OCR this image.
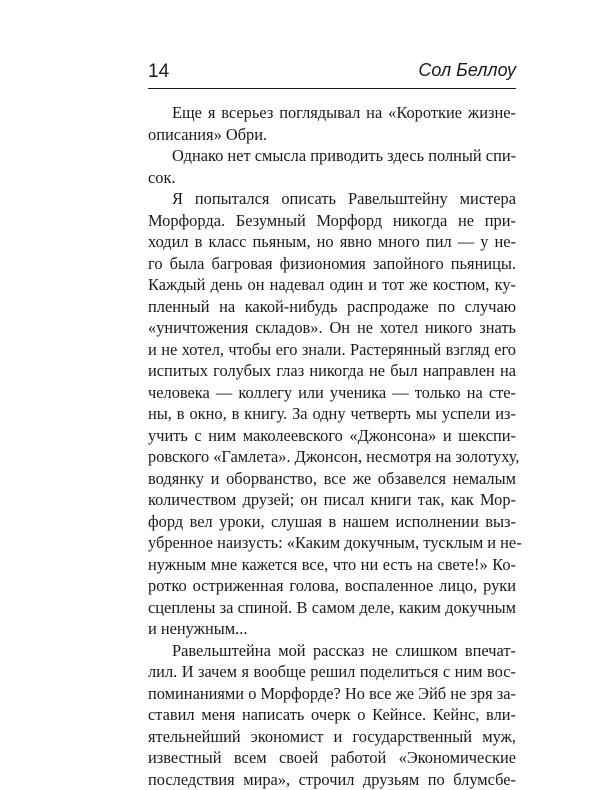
14	Сол Беллоу
Еще я всерьез поглядывал на «Короткие жизне-
описания» Обри.
Однако нет смысла приводить здесь полный спи-
сок.
Я попытался описать Равельштейну мистера
Морфорда. Безумный Морфорд никогда не при-
ходил в класс пьяным, но явно много пил — у не-
го была багровая физиономия запойного пьяницы.
Каждый день он надевал один и тот же костюм, ку-
пленный на какой-нибудь распродаже по случаю
«уничтожения складов». Он не хотел никого знать
и не хотел, чтобы его знали. Растерянный взгляд его
испитых голубых глаз никогда не был направлен на
человека — коллегу или ученика — только на сте-
ны, в окно, в книгу. За одну четверть мы успели из-
учить с ним маколеевского «Джонсона» и шекспи-
ровского «Гамлета». Джонсон, несмотря на золотуху,
водянку и оборванство, все же обзавелся немалым
количеством друзей; он писал книги так, как Мор-
форд вел уроки, слушая в нашем исполнении выз-
убренное наизусть: «Каким докучным, тусклым и не-
нужным мне кажется все, что ни есть на свете!» Ко-
ротко остриженная голова, воспаленное лицо, руки
сцеплены за спиной. В самом деле, каким докучным
и ненужным...
Равельштейна мой рассказ не слишком впечат-
лил. И зачем я вообще решил поделиться с ним вос-
поминаниями о Морфорде? Но все же Эйб не зря за-
ставил меня написать очерк о Кейнсе. Кейнс, вли-
ятельнейший экономист и государственный муж,
известный всем своей работой «Экономические
последствия мира», строчил друзьям по блумсбе-
